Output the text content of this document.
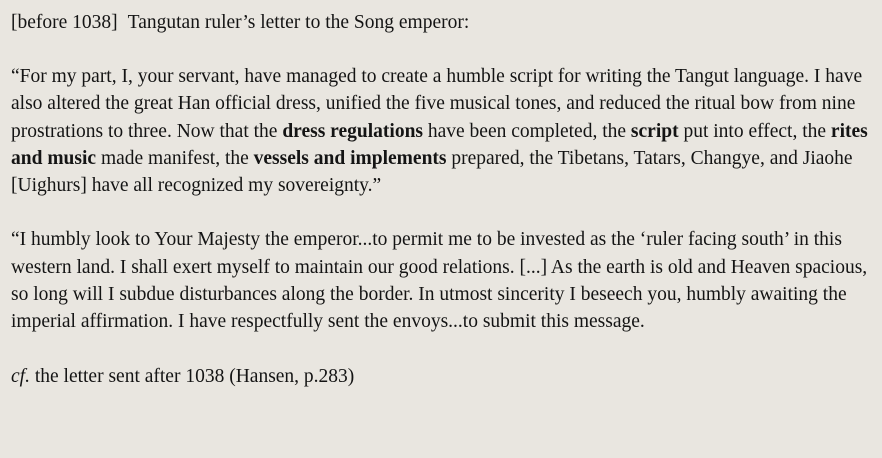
[before 1038] Tangutan ruler’s letter to the Song emperor:

“For my part, I, your servant, have managed to create a humble script for writing the Tangut language. I have also altered the great Han official dress, unified the five musical tones, and reduced the ritual bow from nine prostrations to three. Now that the dress regulations have been completed, the script put into effect, the rites and music made manifest, the vessels and implements prepared, the Tibetans, Tatars, Changye, and Jiaohe [Uighurs] have all recognized my sovereignty.”

“I humbly look to Your Majesty the emperor...to permit me to be invested as the ‘ruler facing south’ in this western land. I shall exert myself to maintain our good relations. [...] As the earth is old and Heaven spacious, so long will I subdue disturbances along the border. In utmost sincerity I beseech you, humbly awaiting the imperial affirmation. I have respectfully sent the envoys...to submit this message.

cf. the letter sent after 1038 (Hansen, p.283)
